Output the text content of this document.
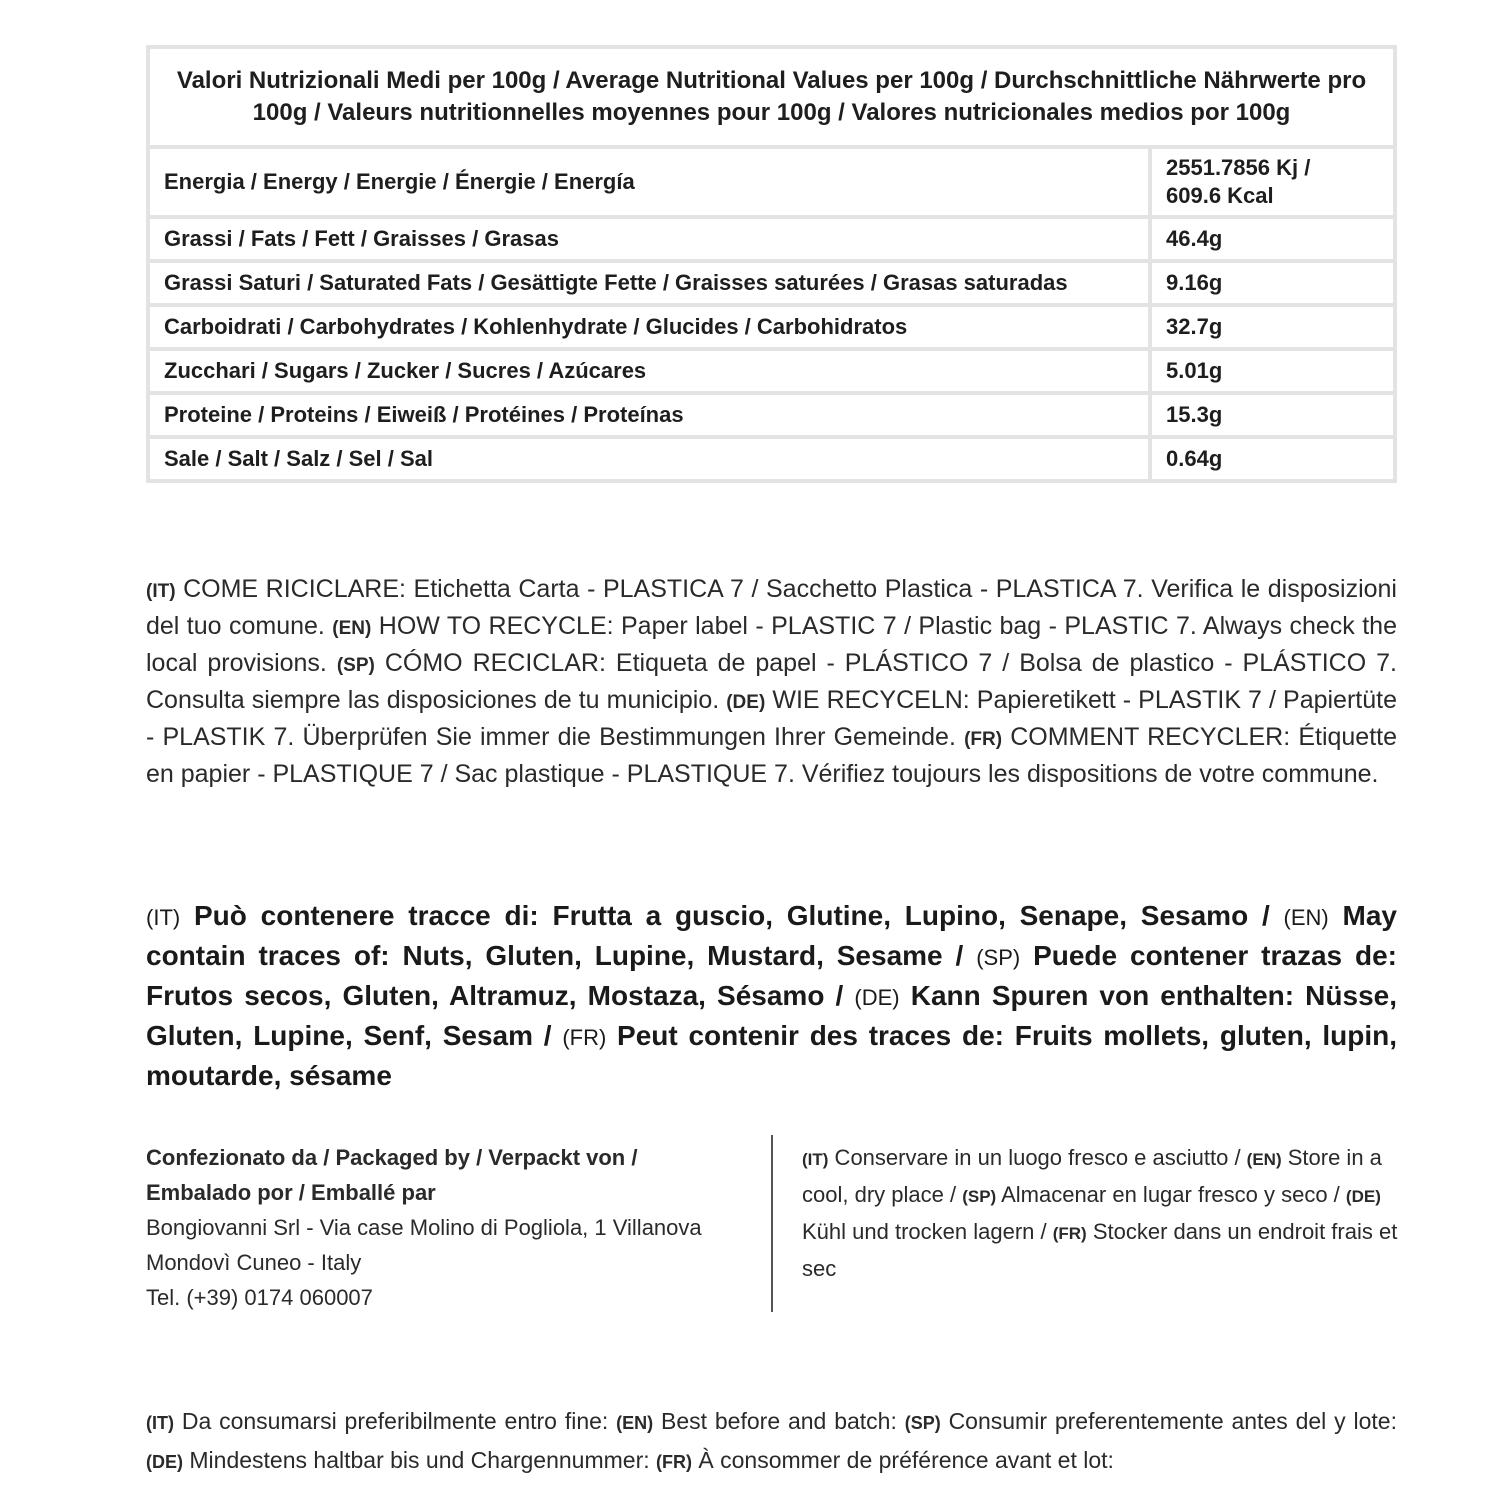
Valori Nutrizionali Medi per 100g / Average Nutritional Values per 100g / Durchschnittliche Nährwerte pro 100g / Valeurs nutritionnelles moyennes pour 100g / Valores nutricionales medios por 100g	
Energia / Energy / Energie / Énergie / Energía	2551.7856 Kj /
609.6 Kcal
Grassi / Fats / Fett / Graisses / Grasas	46.4g
Grassi Saturi / Saturated Fats / Gesättigte Fette / Graisses saturées / Grasas saturadas	9.16g
Carboidrati / Carbohydrates / Kohlenhydrate / Glucides / Carbohidratos	32.7g
Zucchari / Sugars / Zucker / Sucres / Azúcares	5.01g
Proteine / Proteins / Eiweiß / Protéines / Proteínas	15.3g
Sale / Salt / Salz / Sel / Sal	0.64g
(IT) COME RICICLARE: Etichetta Carta - PLASTICA 7 / Sacchetto Plastica - PLASTICA 7. Verifica le disposizioni del tuo comune. (EN) HOW TO RECYCLE: Paper label - PLASTIC 7 / Plastic bag - PLASTIC 7. Always check the local provisions. (SP) CÓMO RECICLAR: Etiqueta de papel - PLÁSTICO 7 / Bolsa de plastico - PLÁSTICO 7. Consulta siempre las disposiciones de tu municipio. (DE) WIE RECYCELN: Papieretikett - PLASTIK 7 / Papiertüte - PLASTIK 7. Überprüfen Sie immer die Bestimmungen Ihrer Gemeinde. (FR) COMMENT RECYCLER: Étiquette en papier - PLASTIQUE 7 / Sac plastique - PLASTIQUE 7. Vérifiez toujours les dispositions de votre commune.
(IT) Può contenere tracce di: Frutta a guscio, Glutine, Lupino, Senape, Sesamo / (EN) May contain traces of: Nuts, Gluten, Lupine, Mustard, Sesame / (SP) Puede contener trazas de: Frutos secos, Gluten, Altramuz, Mostaza, Sésamo / (DE) Kann Spuren von enthalten: Nüsse, Gluten, Lupine, Senf, Sesam / (FR) Peut contenir des traces de: Fruits mollets, gluten, lupin, moutarde, sésame
Confezionato da / Packaged by / Verpackt von /
Embalado por / Emballé par
Bongiovanni Srl - Via case Molino di Pogliola, 1 Villanova
Mondovì Cuneo - Italy
Tel. (+39) 0174 060007
(IT) Conservare in un luogo fresco e asciutto / (EN) Store in a cool, dry place / (SP) Almacenar en lugar fresco y seco / (DE) Kühl und trocken lagern / (FR) Stocker dans un endroit frais et sec
(IT) Da consumarsi preferibilmente entro fine: (EN) Best before and batch: (SP) Consumir preferentemente antes del y lote: (DE) Mindestens haltbar bis und Chargennummer: (FR) À consommer de préférence avant et lot:
